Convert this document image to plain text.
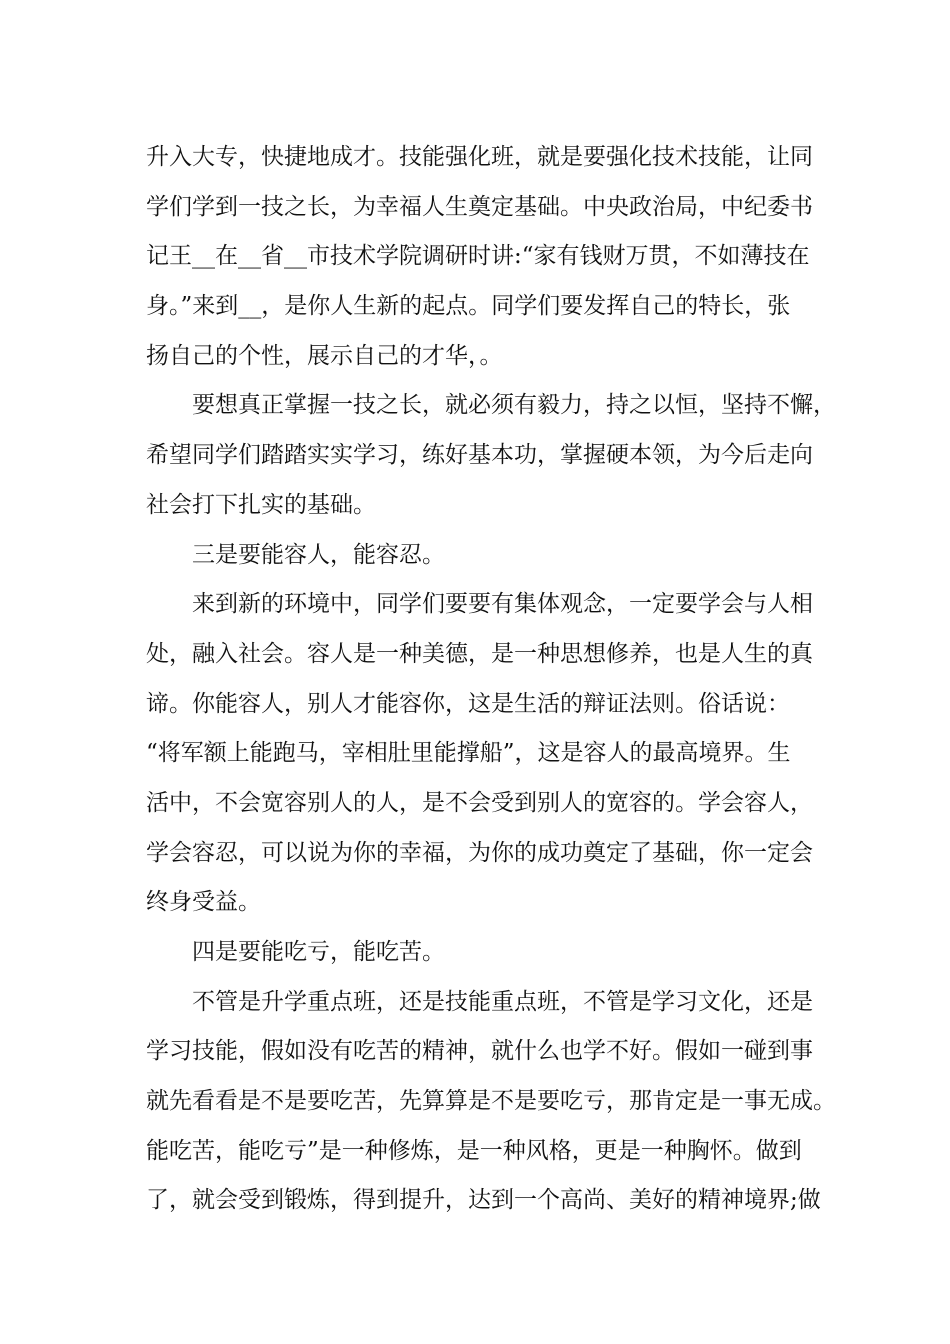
升入大专，快捷地成才。技能强化班，就是要强化技术技能，让同
学们学到一技之长，为幸福人生奠定基础。中央政治局，中纪委书
记王__在__省__市技术学院调研时讲:“家有钱财万贯，不如薄技在
身。”来到__，是你人生新的起点。同学们要发挥自己的特长，张
扬自己的个性，展示自己的才华，。
要想真正掌握一技之长，就必须有毅力，持之以恒，坚持不懈，
希望同学们踏踏实实学习，练好基本功，掌握硬本领，为今后走向
社会打下扎实的基础。
三是要能容人，能容忍。
来到新的环境中，同学们要要有集体观念，一定要学会与人相
处，融入社会。容人是一种美德，是一种思想修养，也是人生的真
谛。你能容人，别人才能容你，这是生活的辩证法则。俗话说：
“将军额上能跑马，宰相肚里能撑船”，这是容人的最高境界。生
活中，不会宽容别人的人，是不会受到别人的宽容的。学会容人，
学会容忍，可以说为你的幸福，为你的成功奠定了基础，你一定会
终身受益。
四是要能吃亏，能吃苦。
不管是升学重点班，还是技能重点班，不管是学习文化，还是
学习技能，假如没有吃苦的精神，就什么也学不好。假如一碰到事
就先看看是不是要吃苦，先算算是不是要吃亏，那肯定是一事无成。
能吃苦，能吃亏”是一种修炼，是一种风格，更是一种胸怀。做到
了，就会受到锻炼，得到提升，达到一个高尚、美好的精神境界;做
